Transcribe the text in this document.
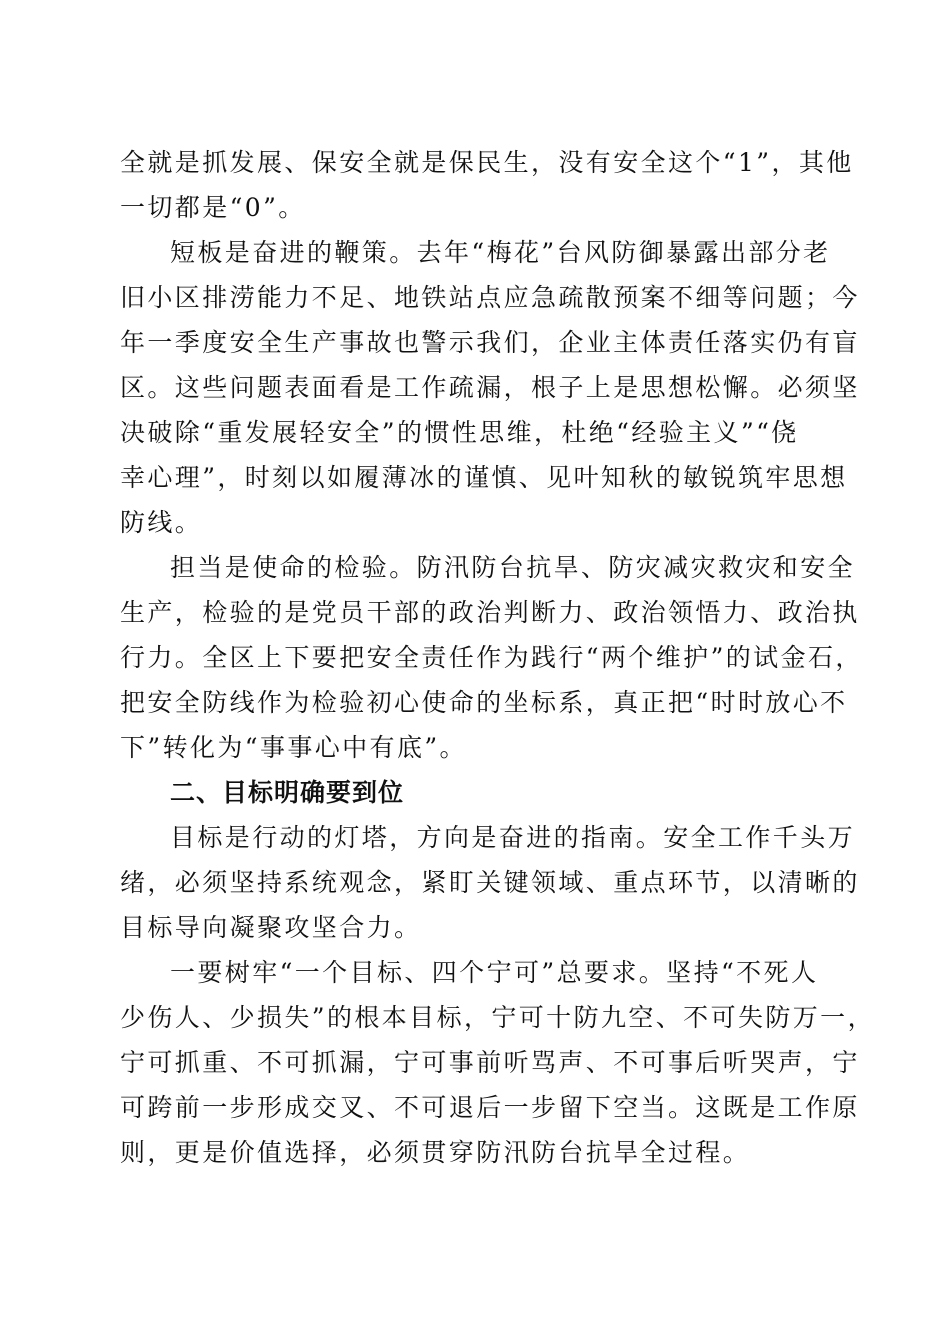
全就是抓发展、保安全就是保民生，没有安全这个“1”，其他
一切都是“0”。
短板是奋进的鞭策。去年“梅花”台风防御暴露出部分老
旧小区排涝能力不足、地铁站点应急疏散预案不细等问题；今
年一季度安全生产事故也警示我们，企业主体责任落实仍有盲
区。这些问题表面看是工作疏漏，根子上是思想松懈。必须坚
决破除“重发展轻安全”的惯性思维，杜绝“经验主义”“侥
幸心理”，时刻以如履薄冰的谨慎、见叶知秋的敏锐筑牢思想
防线。
担当是使命的检验。防汛防台抗旱、防灾减灾救灾和安全
生产，检验的是党员干部的政治判断力、政治领悟力、政治执
行力。全区上下要把安全责任作为践行“两个维护”的试金石，
把安全防线作为检验初心使命的坐标系，真正把“时时放心不
下”转化为“事事心中有底”。
二、目标明确要到位
目标是行动的灯塔，方向是奋进的指南。安全工作千头万
绪，必须坚持系统观念，紧盯关键领域、重点环节，以清晰的
目标导向凝聚攻坚合力。
一要树牢“一个目标、四个宁可”总要求。坚持“不死人
少伤人、少损失”的根本目标，宁可十防九空、不可失防万一，
宁可抓重、不可抓漏，宁可事前听骂声、不可事后听哭声，宁
可跨前一步形成交叉、不可退后一步留下空当。这既是工作原
则，更是价值选择，必须贯穿防汛防台抗旱全过程。
